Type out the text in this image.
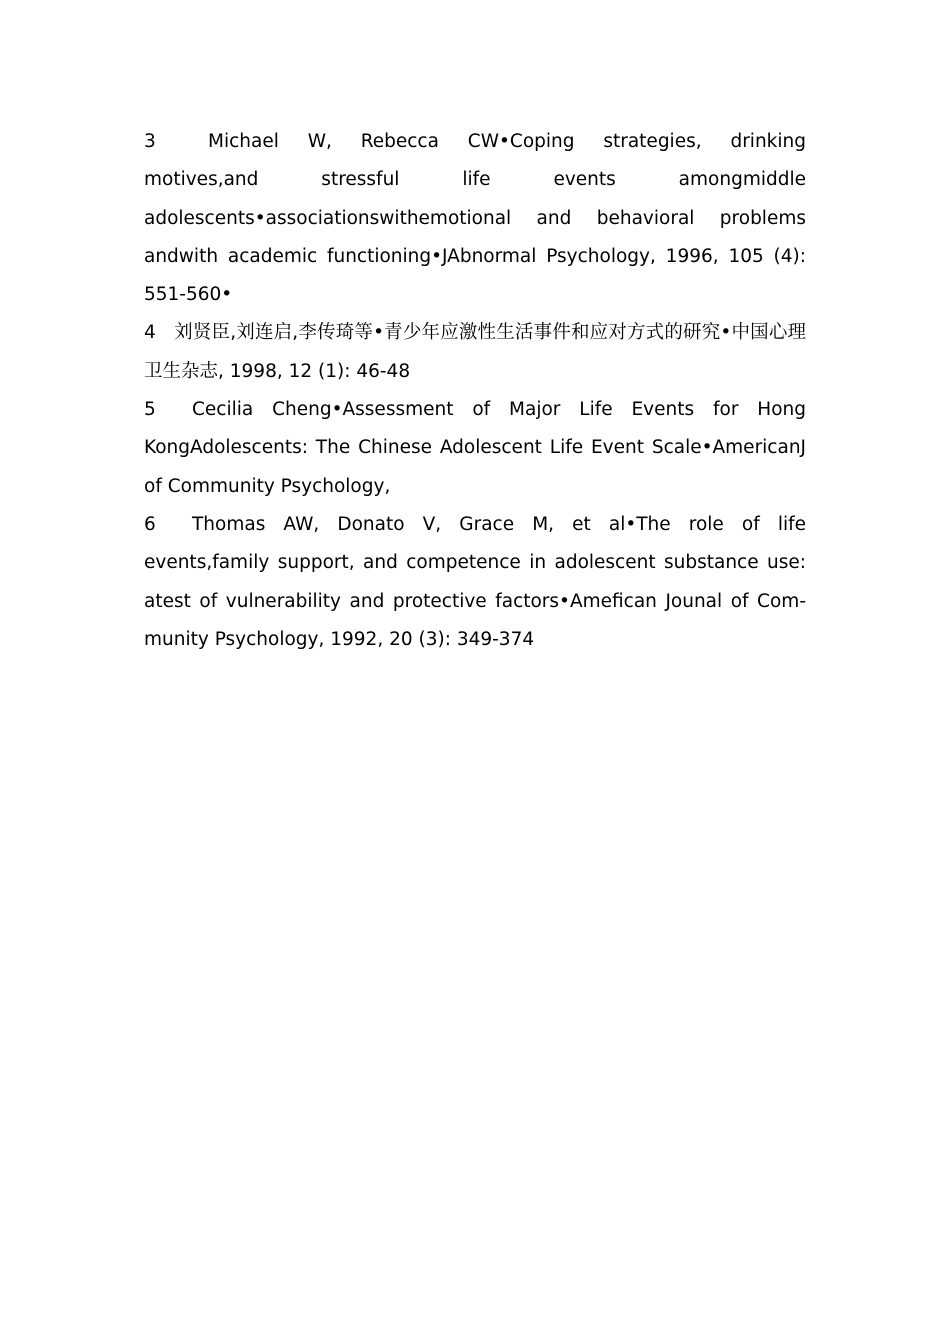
3	Michael W, Rebecca CW•Coping strategies, drinking motives,and stressful life events amongmiddle adolescents•associationswithemotional and behavioral problems andwith academic functioning•JAbnormal Psychology, 1996, 105 (4): 551-560•

4 刘贤臣,刘连启,李传琦等•青少年应激性生活事件和应对方式的研究•中国心理卫生杂志, 1998, 12 (1): 46-48

5 Cecilia Cheng•Assessment of Major Life Events for Hong KongAdolescents: The Chinese Adolescent Life Event Scale•AmericanJ of Community Psychology,

6 Thomas AW, Donato V, Grace M, et al•The role of life events,family support, and competence in adolescent substance use: atest of vulnerability and protective factors•Amefican Jounal of Com-munity Psychology, 1992, 20 (3): 349-374
